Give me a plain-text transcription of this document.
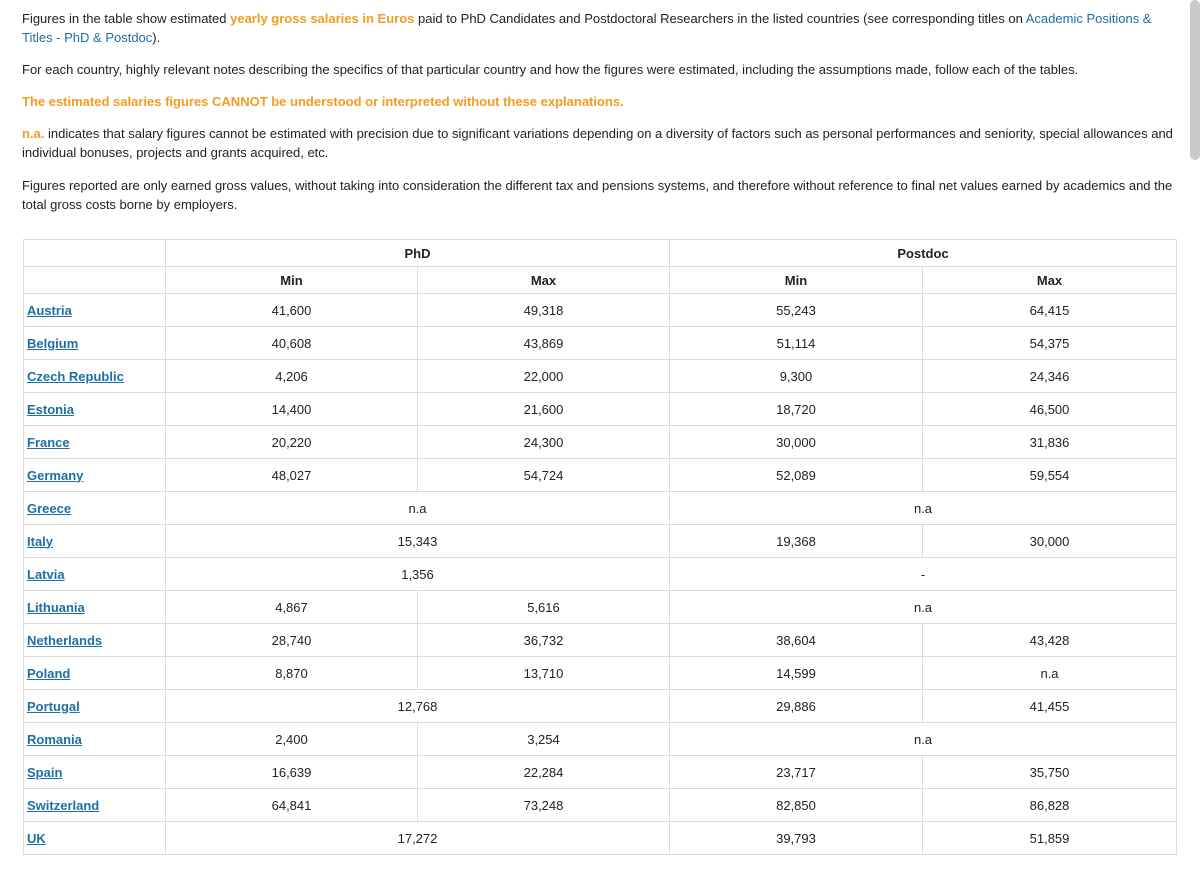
Figures in the table show estimated yearly gross salaries in Euros paid to PhD Candidates and Postdoctoral Researchers in the listed countries (see corresponding titles on Academic Positions & Titles - PhD & Postdoc).

For each country, highly relevant notes describing the specifics of that particular country and how the figures were estimated, including the assumptions made, follow each of the tables.

The estimated salaries figures CANNOT be understood or interpreted without these explanations.

n.a. indicates that salary figures cannot be estimated with precision due to significant variations depending on a diversity of factors such as personal performances and seniority, special allowances and individual bonuses, projects and grants acquired, etc.

Figures reported are only earned gross values, without taking into consideration the different tax and pensions systems, and therefore without reference to final net values earned by academics and the total gross costs borne by employers.

	PhD		Postdoc	
	Min	Max	Min	Max
Austria	41,600	49,318	55,243	64,415
Belgium	40,608	43,869	51,114	54,375
Czech Republic	4,206	22,000	9,300	24,346
Estonia	14,400	21,600	18,720	46,500
France	20,220	24,300	30,000	31,836
Germany	48,027	54,724	52,089	59,554
Greece	n.a		n.a	
Italy	15,343		19,368	30,000
Latvia	1,356		-	
Lithuania	4,867	5,616	n.a	
Netherlands	28,740	36,732	38,604	43,428
Poland	8,870	13,710	14,599	n.a
Portugal	12,768		29,886	41,455
Romania	2,400	3,254	n.a	
Spain	16,639	22,284	23,717	35,750
Switzerland	64,841	73,248	82,850	86,828
UK	17,272		39,793	51,859
